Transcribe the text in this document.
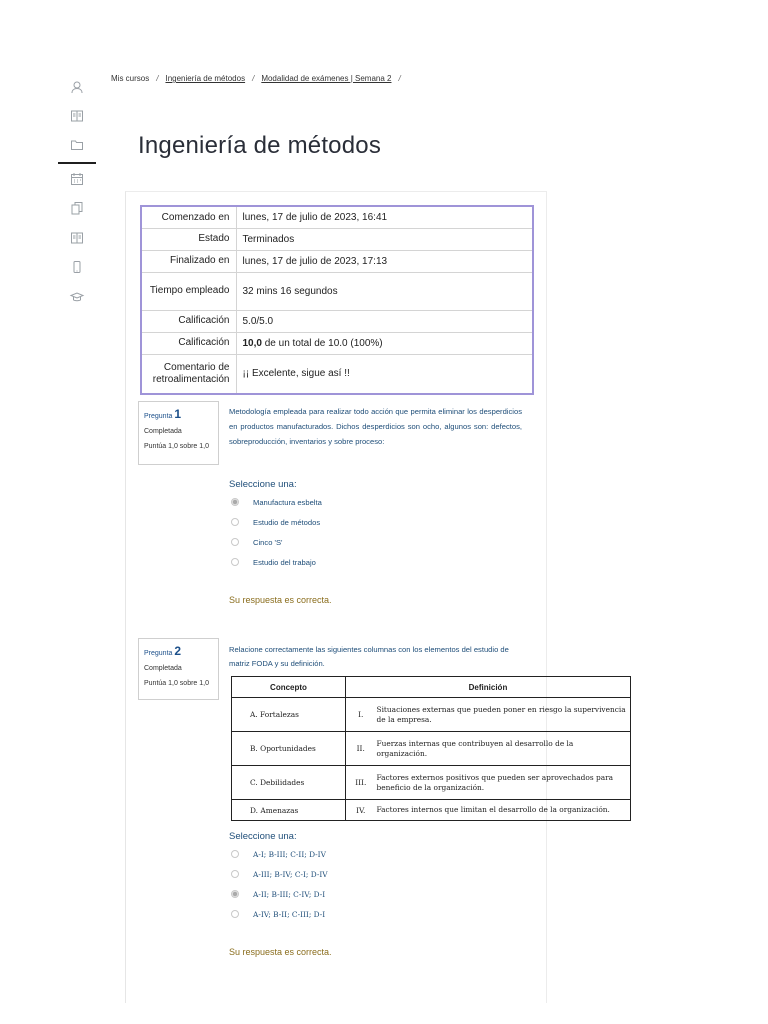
Mis cursos / Ingeniería de métodos / Modalidad de exámenes | Semana 2 /
Ingeniería de métodos
Comenzado en	lunes, 17 de julio de 2023, 16:41
Estado	Terminados
Finalizado en	lunes, 17 de julio de 2023, 17:13
Tiempo empleado	32 mins 16 segundos
Calificación	5.0/5.0
Calificación	10,0 de un total de 10.0 (100%)
Comentario de retroalimentación	¡¡ Excelente, sigue así !!
Pregunta 1
Completada
Puntúa 1,0 sobre 1,0
Metodología empleada para realizar todo acción que permita eliminar los desperdicios en productos manufacturados. Dichos desperdicios son ocho, algunos son: defectos, sobreproducción, inventarios y sobre proceso:
Seleccione una:
Manufactura esbelta
Estudio de métodos
Cinco 'S'
Estudio del trabajo
Su respuesta es correcta.
Pregunta 2
Completada
Puntúa 1,0 sobre 1,0
Relacione correctamente las siguientes columnas con los elementos del estudio de matriz FODA y su definición.
Concepto	Definición	
A. Fortalezas	I.	Situaciones externas que pueden poner en riesgo la supervivencia de la empresa.
B. Oportunidades	II.	Fuerzas internas que contribuyen al desarrollo de la organización.
C. Debilidades	III.	Factores externos positivos que pueden ser aprovechados para beneficio de la organización.
D. Amenazas	IV.	Factores internos que limitan el desarrollo de la organización.
Seleccione una:
A-I; B-III; C-II; D-IV
A-III; B-IV; C-I; D-IV
A-II; B-III; C-IV; D-I
A-IV; B-II; C-III; D-I
Su respuesta es correcta.
